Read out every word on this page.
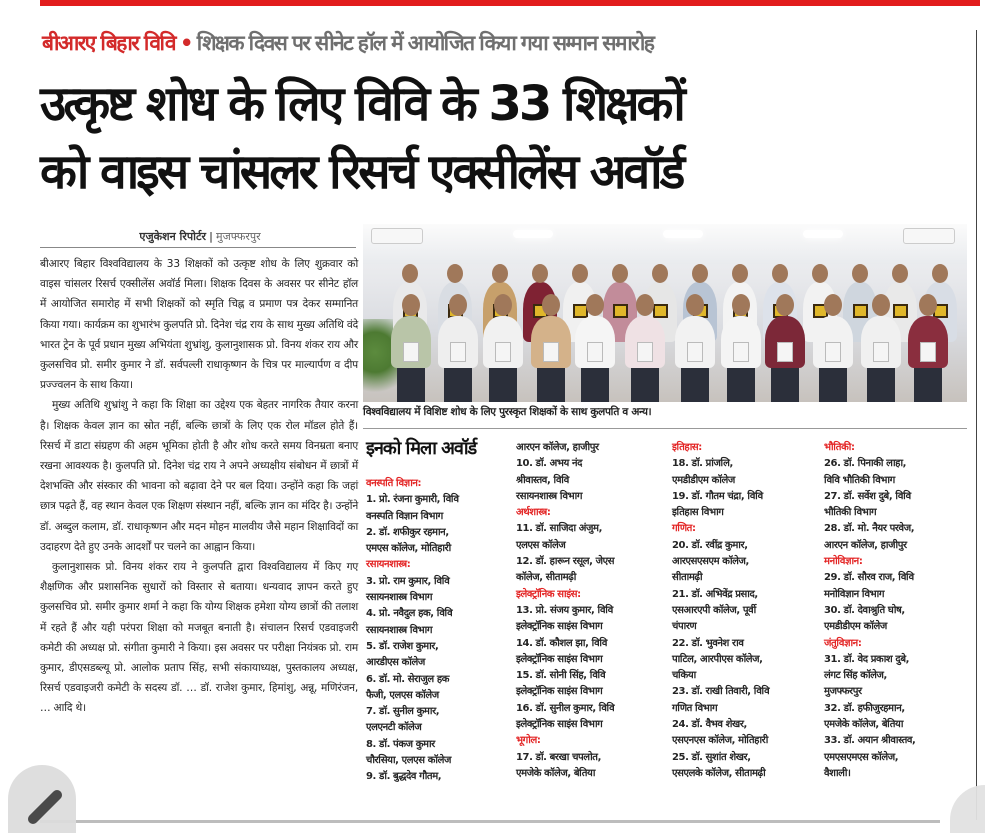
बीआरए बिहार विवि • शिक्षक दिवस पर सीनेट हॉल में आयोजित किया गया सम्मान समारोह
उत्कृष्ट शोध के लिए विवि के 33 शिक्षकों
को वाइस चांसलर रिसर्च एक्सीलेंस अवॉर्ड
एजुकेशन रिपोर्टर | मुजफ्फरपुर

बीआरए बिहार विश्वविद्यालय के 33 शिक्षकों को उत्कृष्ट शोध के लिए शुक्रवार को वाइस चांसलर रिसर्च एक्सीलेंस अवॉर्ड मिला। शिक्षक दिवस के अवसर पर सीनेट हॉल में आयोजित समारोह में सभी शिक्षकों को स्मृति चिह्न व प्रमाण पत्र देकर सम्मानित किया गया। कार्यक्रम का शुभारंभ कुलपति प्रो. दिनेश चंद्र राय के साथ मुख्य अतिथि वंदे भारत ट्रेन के पूर्व प्रधान मुख्य अभियंता शुभ्रांशु, कुलानुशासक प्रो. विनय शंकर राय और कुलसचिव प्रो. समीर कुमार ने डॉ. सर्वपल्ली राधाकृष्णन के चित्र पर माल्यार्पण व दीप प्रज्ज्वलन के साथ किया।

मुख्य अतिथि शुभ्रांशु ने कहा कि शिक्षा का उद्देश्य एक बेहतर नागरिक तैयार करना है। शिक्षक केवल ज्ञान का स्रोत नहीं, बल्कि छात्रों के लिए एक रोल मॉडल होते हैं। रिसर्च में डाटा संग्रहण की अहम भूमिका होती है और शोध करते समय विनम्रता बनाए रखना आवश्यक है। कुलपति प्रो. दिनेश चंद्र राय ने अपने अध्यक्षीय संबोधन में छात्रों में देशभक्ति और संस्कार की भावना को बढ़ावा देने पर बल दिया। उन्होंने कहा कि जहां छात्र पढ़ते हैं, वह स्थान केवल एक शिक्षण संस्थान नहीं, बल्कि ज्ञान का मंदिर है। उन्होंने डॉ. अब्दुल कलाम, डॉ. राधाकृष्णन और मदन मोहन मालवीय जैसे महान शिक्षाविदों का उदाहरण देते हुए उनके आदर्शों पर चलने का आह्वान किया।

कुलानुशासक प्रो. विनय शंकर राय ने कुलपति द्वारा विश्वविद्यालय में किए गए शैक्षणिक और प्रशासनिक सुधारों को विस्तार से बताया। धन्यवाद ज्ञापन करते हुए कुलसचिव प्रो. समीर कुमार शर्मा ने कहा कि योग्य शिक्षक हमेशा योग्य छात्रों की तलाश में रहते हैं और यही परंपरा शिक्षा को मजबूत बनाती है। संचालन रिसर्च एडवाइजरी कमेटी की अध्यक्ष प्रो. संगीता कुमारी ने किया। इस अवसर पर परीक्षा नियंत्रक प्रो. राम कुमार, डीएसडब्ल्यू प्रो. आलोक प्रताप सिंह, सभी संकायाध्यक्ष, पुस्तकालय अध्यक्ष, रिसर्च एडवाइजरी कमेटी के सदस्य डॉ. … डॉ. राजेश कुमार, हिमांशु, अन्नू, मणिरंजन, … आदि थे।

विश्वविद्यालय में विशिष्ट शोध के लिए पुरस्कृत शिक्षकों के साथ कुलपति व अन्य।
इनको मिला अवॉर्ड
वनस्पति विज्ञान:
1. प्रो. रंजना कुमारी, विवि
वनस्पति विज्ञान विभाग
2. डॉ. शफीकुर रहमान,
एमएस कॉलेज, मोतिहारी
रसायनशास्त्र:
3. प्रो. राम कुमार, विवि
रसायनशास्त्र विभाग
4. प्रो. नवैदुल हक, विवि
रसायनशास्त्र विभाग
5. डॉ. राजेश कुमार,
आरडीएस कॉलेज
6. डॉ. मो. सेराजुल हक
फैजी, एलएस कॉलेज
7. डॉ. सुनील कुमार,
एलएनटी कॉलेज
8. डॉ. पंकज कुमार
चौरसिया, एलएस कॉलेज
9. डॉ. बुद्धदेव गौतम,
आरएन कॉलेज, हाजीपुर
10. डॉ. अभय नंद
श्रीवास्तव, विवि
रसायनशास्त्र विभाग
अर्थशास्त्र:
11. डॉ. साजिदा अंजुम,
एलएस कॉलेज
12. डॉ. हारून रसूल, जेएस
कॉलेज, सीतामढ़ी
इलेक्ट्रॉनिक साइंस:
13. प्रो. संजय कुमार, विवि
इलेक्ट्रॉनिक साइंस विभाग
14. डॉ. कौशल झा, विवि
इलेक्ट्रॉनिक साइंस विभाग
15. डॉ. सोनी सिंह, विवि
इलेक्ट्रॉनिक साइंस विभाग
16. डॉ. सुनील कुमार, विवि
इलेक्ट्रॉनिक साइंस विभाग
भूगोल:
17. डॉ. बरखा चपलोत,
एमजेके कॉलेज, बेतिया
इतिहास:
18. डॉ. प्रांजलि,
एमडीडीएम कॉलेज
19. डॉ. गौतम चंद्रा, विवि
इतिहास विभाग
गणित:
20. डॉ. रवींद्र कुमार,
आरएसएसएम कॉलेज,
सीतामढ़ी
21. डॉ. अभिवेंद्र प्रसाद,
एसआरएपी कॉलेज, पूर्वी
चंपारण
22. डॉ. भुवनेश राव
पाटिल, आरपीएस कॉलेज,
चकिया
23. डॉ. राखी तिवारी, विवि
गणित विभाग
24. डॉ. वैभव शेखर,
एसएनएस कॉलेज, मोतिहारी
25. डॉ. सुशांत शेखर,
एसएलके कॉलेज, सीतामढ़ी
भौतिकी:
26. डॉ. पिनाकी लाहा,
विवि भौतिकी विभाग
27. डॉ. सर्वेश दुबे, विवि
भौतिकी विभाग
28. डॉ. मो. नैयर परवेज,
आरएन कॉलेज, हाजीपुर
मनोविज्ञान:
29. डॉ. सौरव राज, विवि
मनोविज्ञान विभाग
30. डॉ. देवाश्रुति घोष,
एमडीडीएम कॉलेज
जंतुविज्ञान:
31. डॉ. वेद प्रकाश दुबे,
लंगट सिंह कॉलेज,
मुजफ्फरपुर
32. डॉ. हफीजुरहमान,
एमजेके कॉलेज, बेतिया
33. डॉ. अयान श्रीवास्तव,
एमएसएमएस कॉलेज,
वैशाली।
